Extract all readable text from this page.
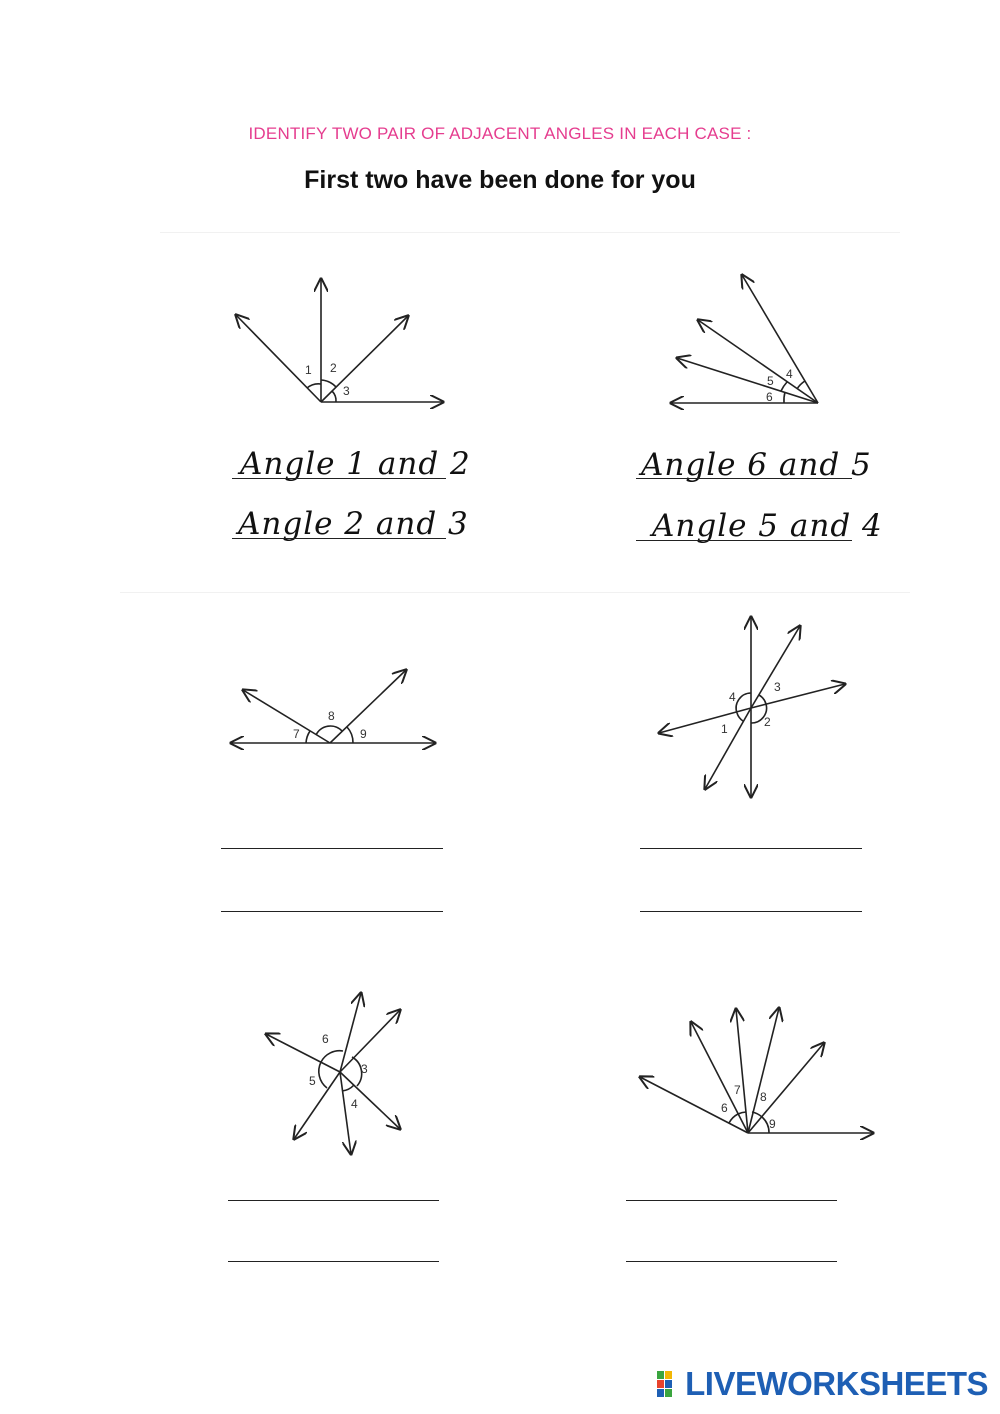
IDENTIFY TWO PAIR OF ADJACENT ANGLES IN EACH CASE :
First two have been done for you
1 2
3
4
5
6
7
8
9	1	2
3
4
3
4
5
6
6
7 8
9
Angle 1 and 2
Angle 2 and 3
Angle 6 and 5
Angle 5 and 4
LIVEWORKSHEETS
